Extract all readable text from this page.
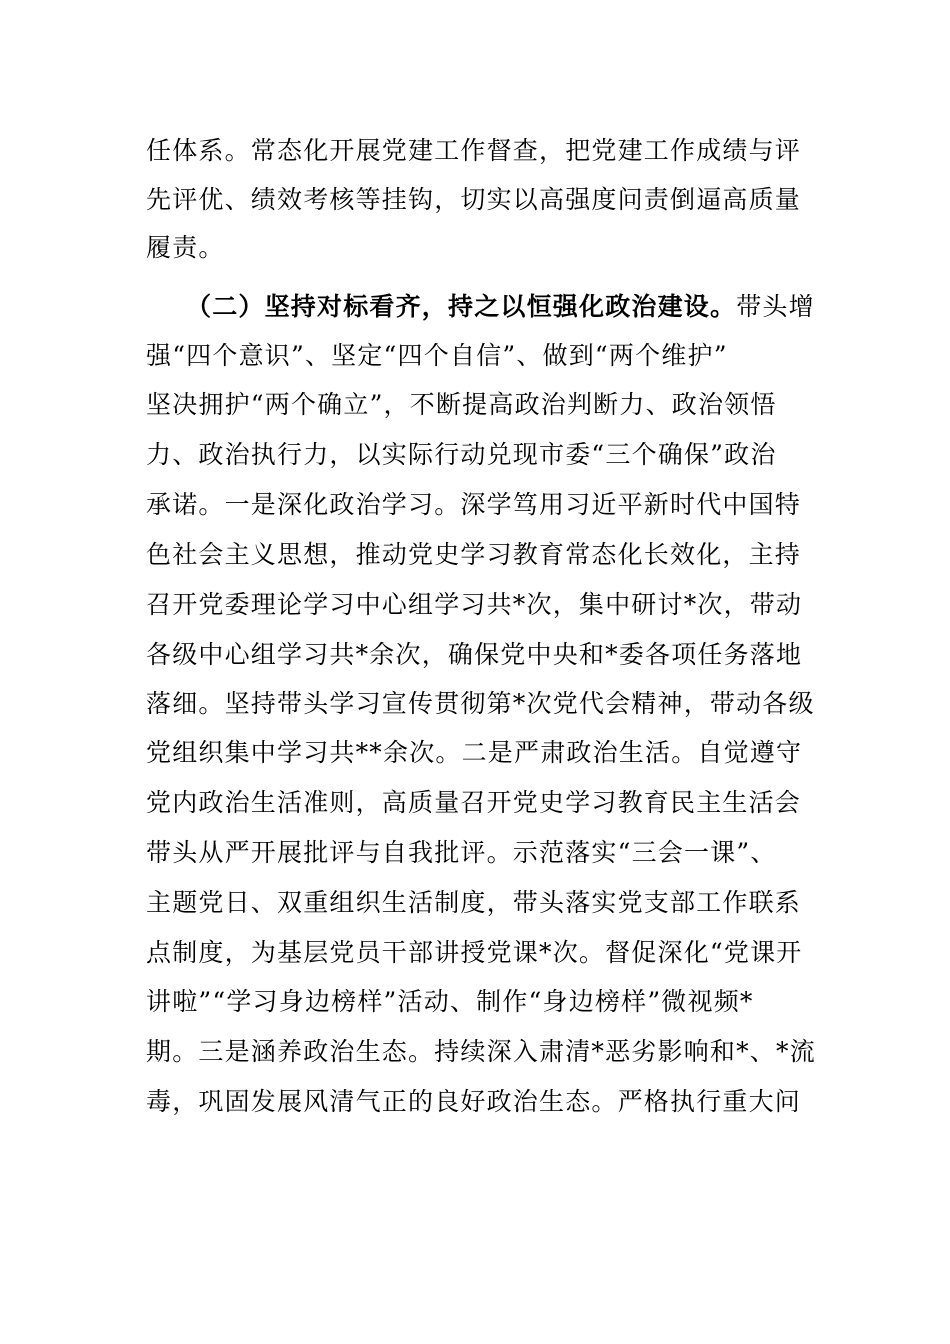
任体系。常态化开展党建工作督查，把党建工作成绩与评
先评优、绩效考核等挂钩，切实以高强度问责倒逼高质量
履责。
（二）坚持对标看齐，持之以恒强化政治建设。带头增
强“四个意识”、坚定“四个自信”、做到“两个维护”
坚决拥护“两个确立”，不断提高政治判断力、政治领悟
力、政治执行力，以实际行动兑现市委“三个确保”政治
承诺。一是深化政治学习。深学笃用习近平新时代中国特
色社会主义思想，推动党史学习教育常态化长效化，主持
召开党委理论学习中心组学习共*次，集中研讨*次，带动
各级中心组学习共*余次，确保党中央和*委各项任务落地
落细。坚持带头学习宣传贯彻第*次党代会精神，带动各级
党组织集中学习共**余次。二是严肃政治生活。自觉遵守
党内政治生活准则，高质量召开党史学习教育民主生活会
带头从严开展批评与自我批评。示范落实“三会一课”、
主题党日、双重组织生活制度，带头落实党支部工作联系
点制度，为基层党员干部讲授党课*次。督促深化“党课开
讲啦”“学习身边榜样”活动、制作“身边榜样”微视频*
期。三是涵养政治生态。持续深入肃清*恶劣影响和*、*流
毒，巩固发展风清气正的良好政治生态。严格执行重大问
